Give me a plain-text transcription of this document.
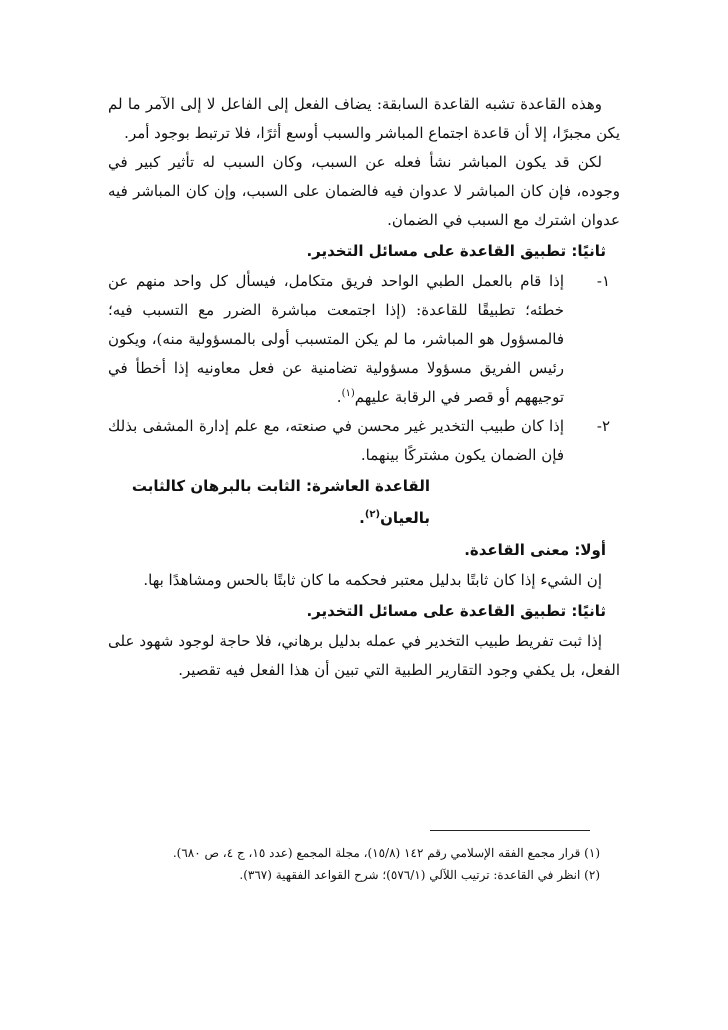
وهذه القاعدة تشبه القاعدة السابقة: يضاف الفعل إلى الفاعل لا إلى الآمر ما لم يكن مجبرًا، إلا أن قاعدة اجتماع المباشر والسبب أوسع أثرًا، فلا ترتبط بوجود أمر.

لكن قد يكون المباشر نشأ فعله عن السبب، وكان السبب له تأثير كبير في وجوده، فإن كان المباشر لا عدوان فيه فالضمان على السبب، وإن كان المباشر فيه عدوان اشترك مع السبب في الضمان.

ثانيًا: تطبيق القاعدة على مسائل التخدير.

١-
إذا قام بالعمل الطبي الواحد فريق متكامل، فيسأل كل واحد منهم عن خطئه؛ تطبيقًا للقاعدة: (إذا اجتمعت مباشرة الضرر مع التسبب فيه؛ فالمسؤول هو المباشر، ما لم يكن المتسبب أولى بالمسؤولية منه)، ويكون رئيس الفريق مسؤولا مسؤولية تضامنية عن فعل معاونيه إذا أخطأ في توجيههم أو قصر في الرقابة عليهم$^{(١)}$.
٢-
إذا كان طبيب التخدير غير محسن في صنعته، مع علم إدارة المشفى بذلك فإن الضمان يكون مشتركًا بينهما.

القاعدة العاشرة: الثابت بالبرهان كالثابت بالعيان$^{(٢)}$.

أولا: معنى القاعدة.

إن الشيء إذا كان ثابتًا بدليل معتبر فحكمه ما كان ثابتًا بالحس ومشاهدًا بها.

ثانيًا: تطبيق القاعدة على مسائل التخدير.

إذا ثبت تفريط طبيب التخدير في عمله بدليل برهاني، فلا حاجة لوجود شهود على الفعل، بل يكفي وجود التقارير الطبية التي تبين أن هذا الفعل فيه تقصير.

(١) قرار مجمع الفقه الإسلامي رقم ١٤٢ (١٥/٨)، مجلة المجمع (عدد ١٥، ج ٤، ص ٦٨٠).

(٢) انظر في القاعدة: ترتيب اللآلي (٥٧٦/١)؛ شرح القواعد الفقهية (٣٦٧).
